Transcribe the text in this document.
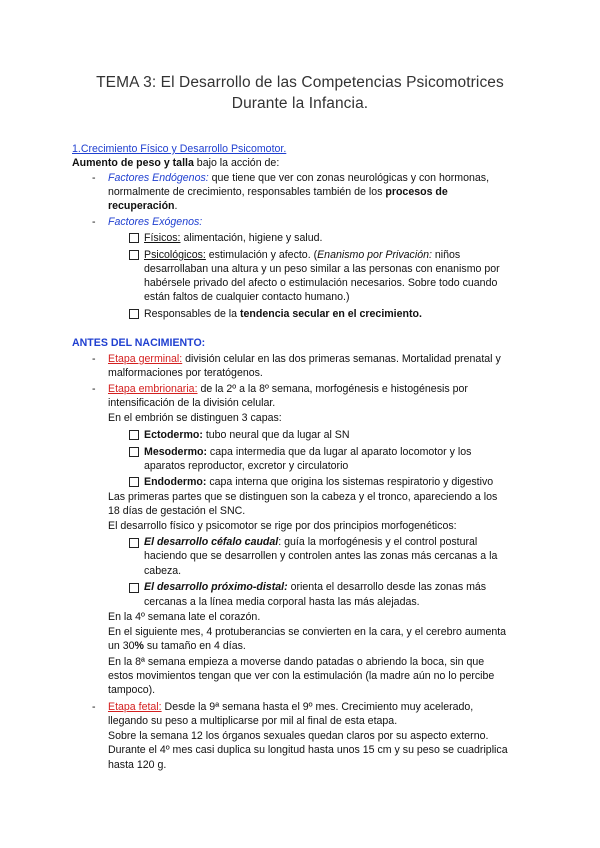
TEMA 3: El Desarrollo de las Competencias Psicomotrices
Durante la Infancia.
1.Crecimiento Físico y Desarrollo Psicomotor.
Aumento de peso y talla bajo la acción de:
- Factores Endógenos: que tiene que ver con zonas neurológicas y con hormonas,
normalmente de crecimiento, responsables también de los procesos de
recuperación.
- Factores Exógenos:
Físicos: alimentación, higiene y salud.
Psicológicos: estimulación y afecto. (Enanismo por Privación: niños
desarrollaban una altura y un peso similar a las personas con enanismo por
habérsele privado del afecto o estimulación necesarios. Sobre todo cuando
están faltos de cualquier contacto humano.)
Responsables de la tendencia secular en el crecimiento.
ANTES DEL NACIMIENTO:
- Etapa germinal: división celular en las dos primeras semanas. Mortalidad prenatal y
malformaciones por teratógenos.
- Etapa embrionaria: de la 2º a la 8º semana, morfogénesis e histogénesis por
intensificación de la división celular.
En el embrión se distinguen 3 capas:
Ectodermo: tubo neural que da lugar al SN
Mesodermo: capa intermedia que da lugar al aparato locomotor y los
aparatos reproductor, excretor y circulatorio
Endodermo: capa interna que origina los sistemas respiratorio y digestivo
Las primeras partes que se distinguen son la cabeza y el tronco, apareciendo a los
18 días de gestación el SNC.
El desarrollo físico y psicomotor se rige por dos principios morfogenéticos:
El desarrollo céfalo caudal: guía la morfogénesis y el control postural
haciendo que se desarrollen y controlen antes las zonas más cercanas a la
cabeza.
El desarrollo próximo-distal: orienta el desarrollo desde las zonas más
cercanas a la línea media corporal hasta las más alejadas.
En la 4º semana late el corazón.
En el siguiente mes, 4 protuberancias se convierten en la cara, y el cerebro aumenta
un 30% su tamaño en 4 días.
En la 8ª semana empieza a moverse dando patadas o abriendo la boca, sin que
estos movimientos tengan que ver con la estimulación (la madre aún no lo percibe
tampoco).
- Etapa fetal: Desde la 9ª semana hasta el 9º mes. Crecimiento muy acelerado,
llegando su peso a multiplicarse por mil al final de esta etapa.
Sobre la semana 12 los órganos sexuales quedan claros por su aspecto externo.
Durante el 4º mes casi duplica su longitud hasta unos 15 cm y su peso se cuadriplica
hasta 120 g.
